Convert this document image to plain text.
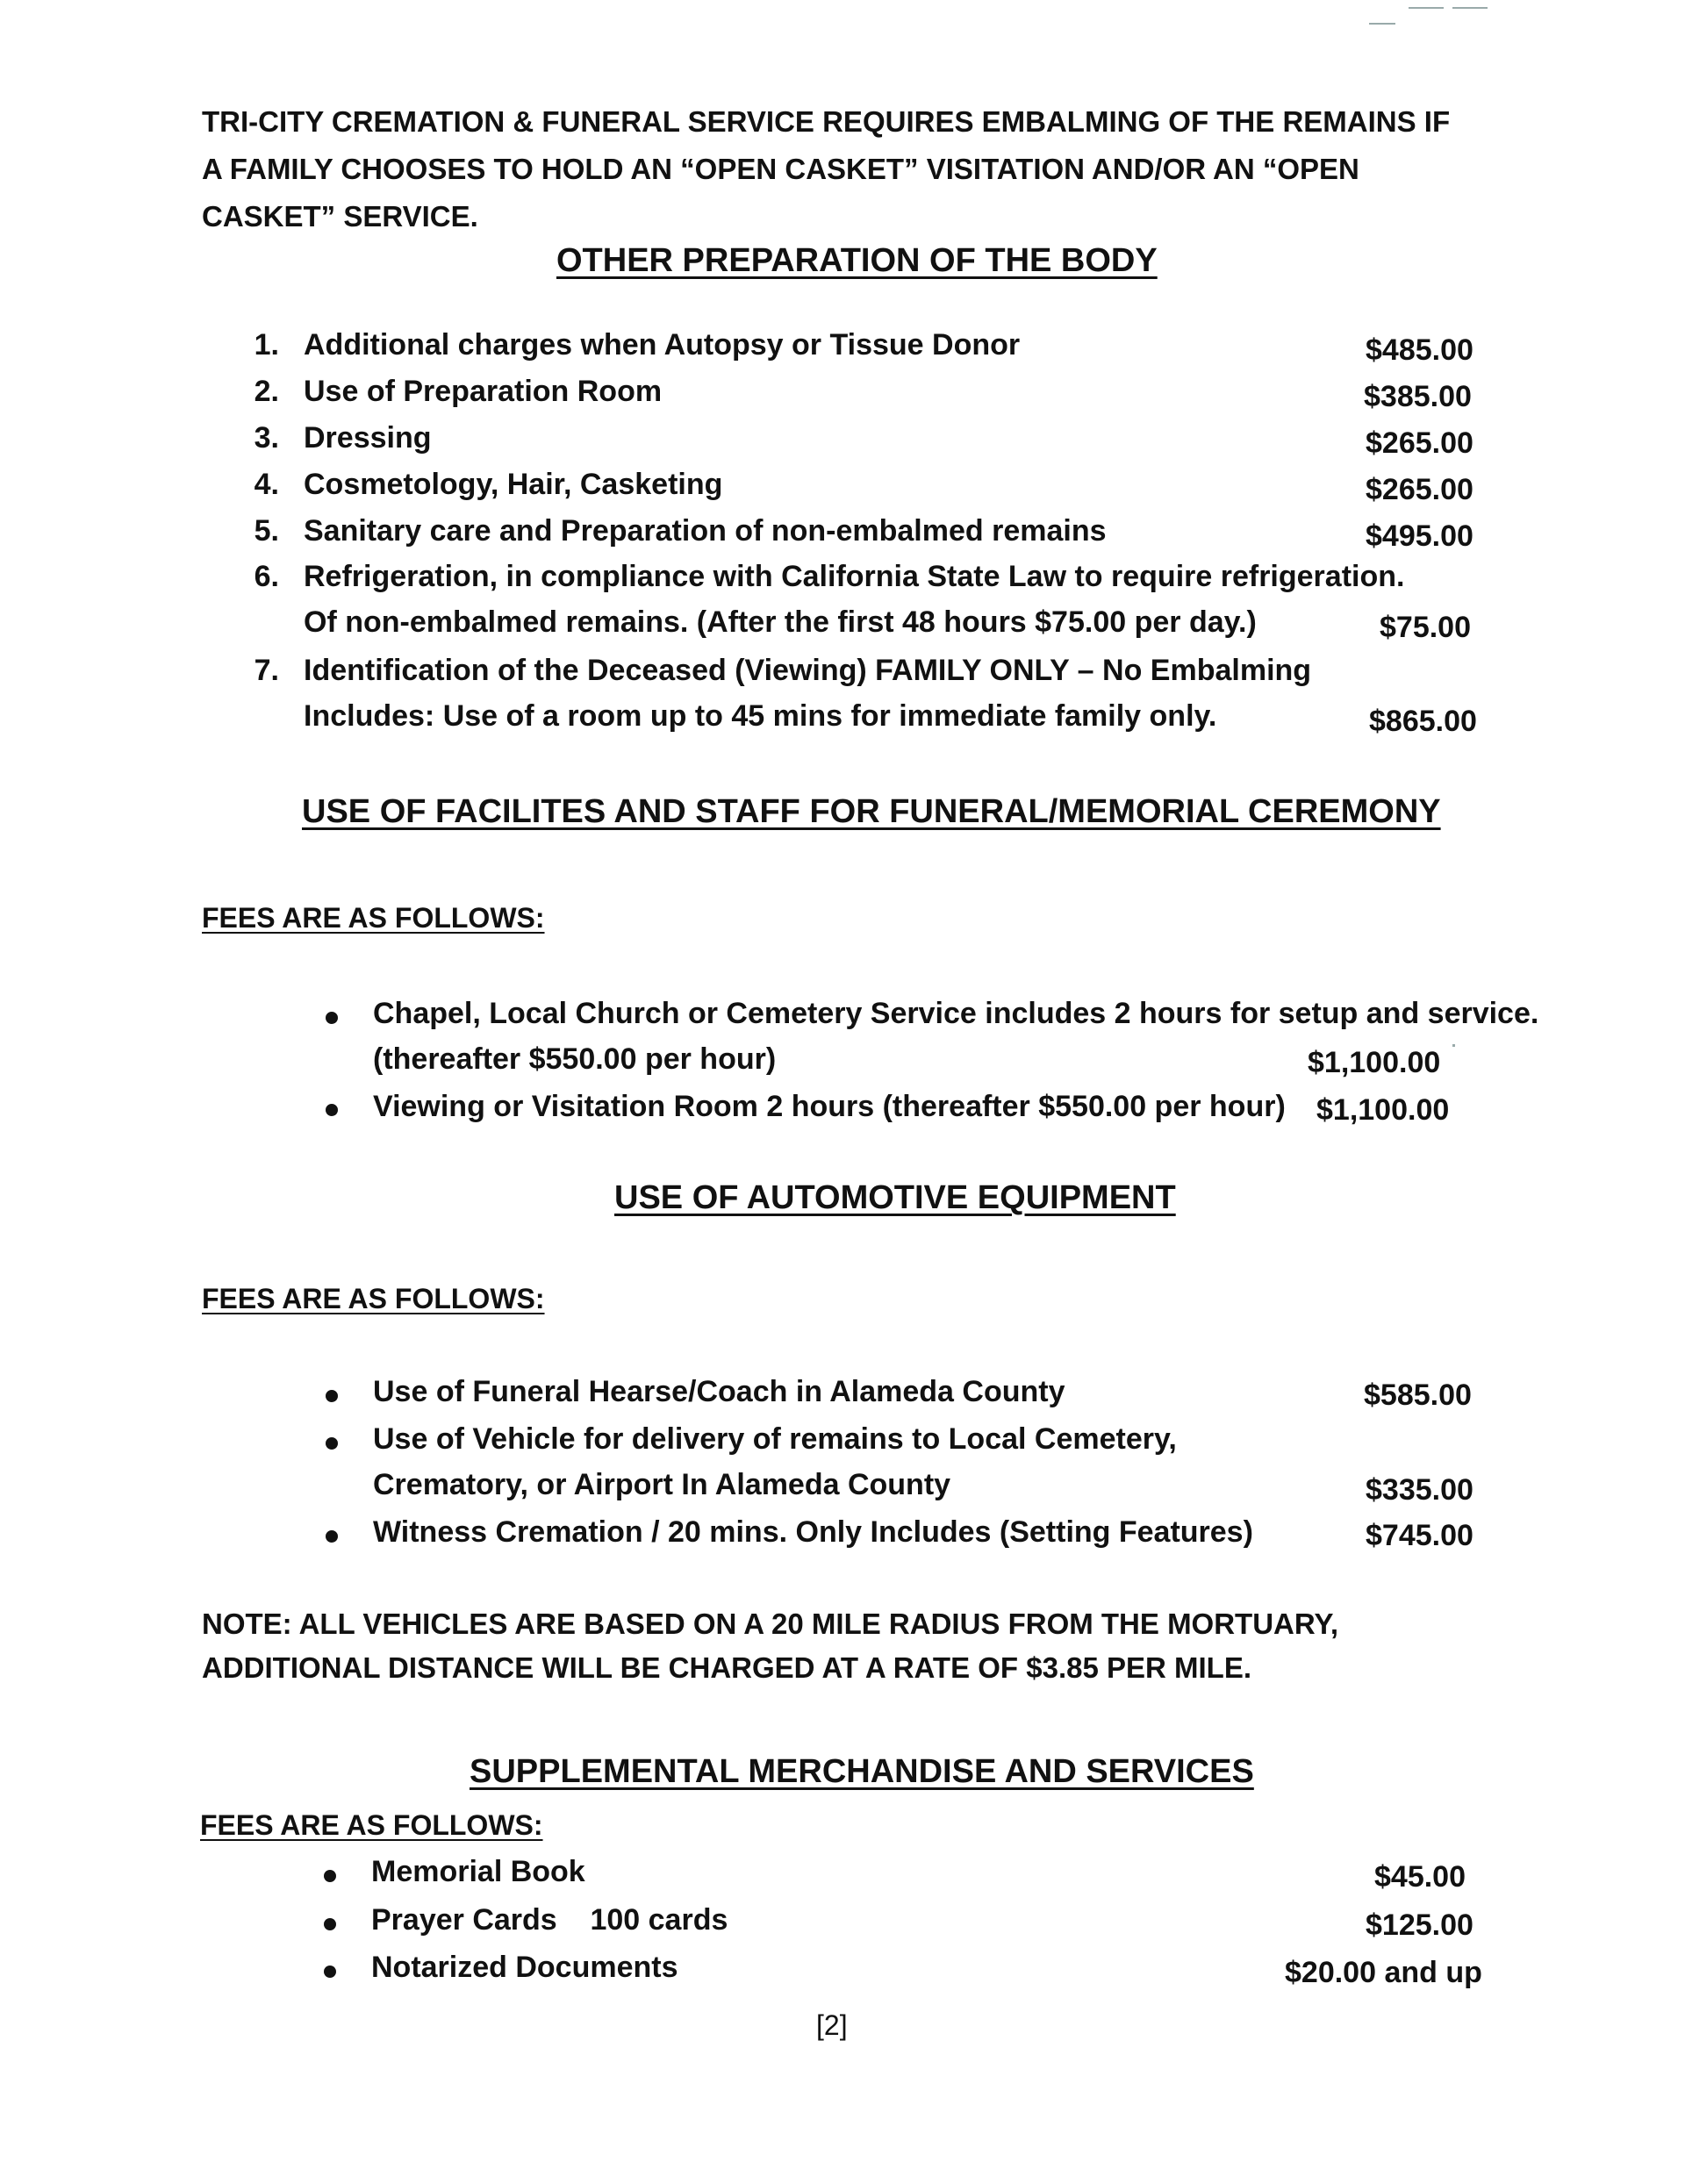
TRI-CITY CREMATION & FUNERAL SERVICE REQUIRES EMBALMING OF THE REMAINS IF A FAMILY CHOOSES TO HOLD AN “OPEN CASKET” VISITATION AND/OR AN “OPEN CASKET” SERVICE.
OTHER PREPARATION OF THE BODY
1. Additional charges when Autopsy or Tissue Donor	$485.00
2. Use of Preparation Room	$385.00
3. Dressing	$265.00
4. Cosmetology, Hair, Casketing	$265.00
5. Sanitary care and Preparation of non-embalmed remains	$495.00
6. Refrigeration, in compliance with California State Law to require refrigeration.
Of non-embalmed remains. (After the first 48 hours $75.00 per day.)	$75.00
7. Identification of the Deceased (Viewing) FAMILY ONLY – No Embalming
Includes: Use of a room up to 45 mins for immediate family only.	$865.00
USE OF FACILITES AND STAFF FOR FUNERAL/MEMORIAL CEREMONY
FEES ARE AS FOLLOWS:
Chapel, Local Church or Cemetery Service includes 2 hours for setup and service.
(thereafter $550.00 per hour)	$1,100.00
Viewing or Visitation Room 2 hours (thereafter $550.00 per hour) $1,100.00
USE OF AUTOMOTIVE EQUIPMENT
FEES ARE AS FOLLOWS:
Use of Funeral Hearse/Coach in Alameda County	$585.00
Use of Vehicle for delivery of remains to Local Cemetery,
Crematory, or Airport In Alameda County	$335.00
Witness Cremation / 20 mins. Only Includes (Setting Features)	$745.00
NOTE: ALL VEHICLES ARE BASED ON A 20 MILE RADIUS FROM THE MORTUARY, ADDITIONAL DISTANCE WILL BE CHARGED AT A RATE OF $3.85 PER MILE.
SUPPLEMENTAL MERCHANDISE AND SERVICES
FEES ARE AS FOLLOWS:
Memorial Book	$45.00
Prayer Cards    100 cards	$125.00
Notarized Documents	$20.00 and up
[2]
